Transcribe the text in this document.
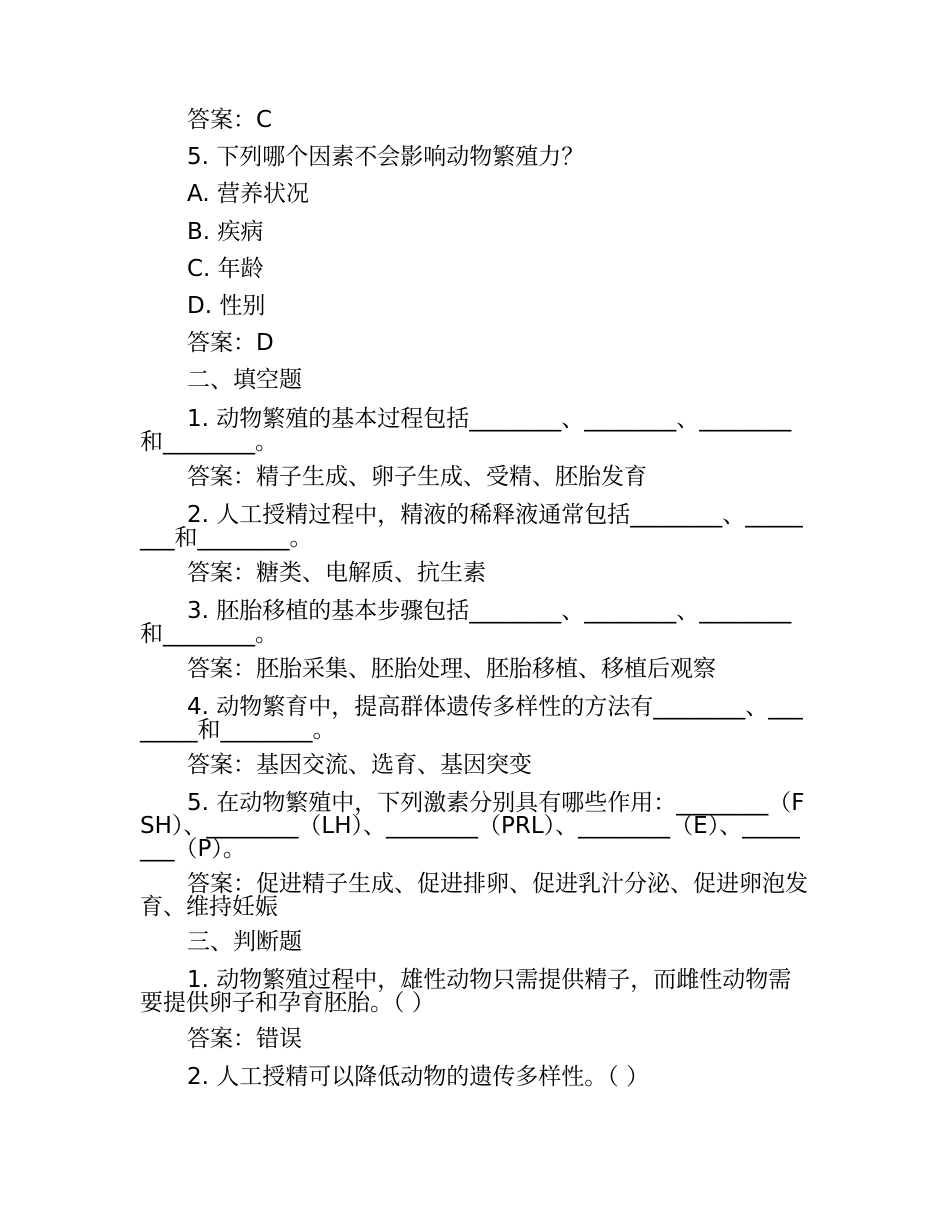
答案：C

5. 下列哪个因素不会影响动物繁殖力？

A. 营养状况

B. 疾病

C. 年龄

D. 性别

答案：D

二、填空题

1. 动物繁殖的基本过程包括________、________、________和________。

答案：精子生成、卵子生成、受精、胚胎发育

2. 人工授精过程中，精液的稀释液通常包括________、________和________。

答案：糖类、电解质、抗生素

3. 胚胎移植的基本步骤包括________、________、________和________。

答案：胚胎采集、胚胎处理、胚胎移植、移植后观察

4. 动物繁育中，提高群体遗传多样性的方法有________、________和________。

答案：基因交流、选育、基因突变

5. 在动物繁殖中，下列激素分别具有哪些作用：________（FSH）、________（LH）、________（PRL）、________（E）、________（P）。

答案：促进精子生成、促进排卵、促进乳汁分泌、促进卵泡发育、维持妊娠

三、判断题

1. 动物繁殖过程中，雄性动物只需提供精子，而雌性动物需要提供卵子和孕育胚胎。（ ）

答案：错误

2. 人工授精可以降低动物的遗传多样性。（ ）
